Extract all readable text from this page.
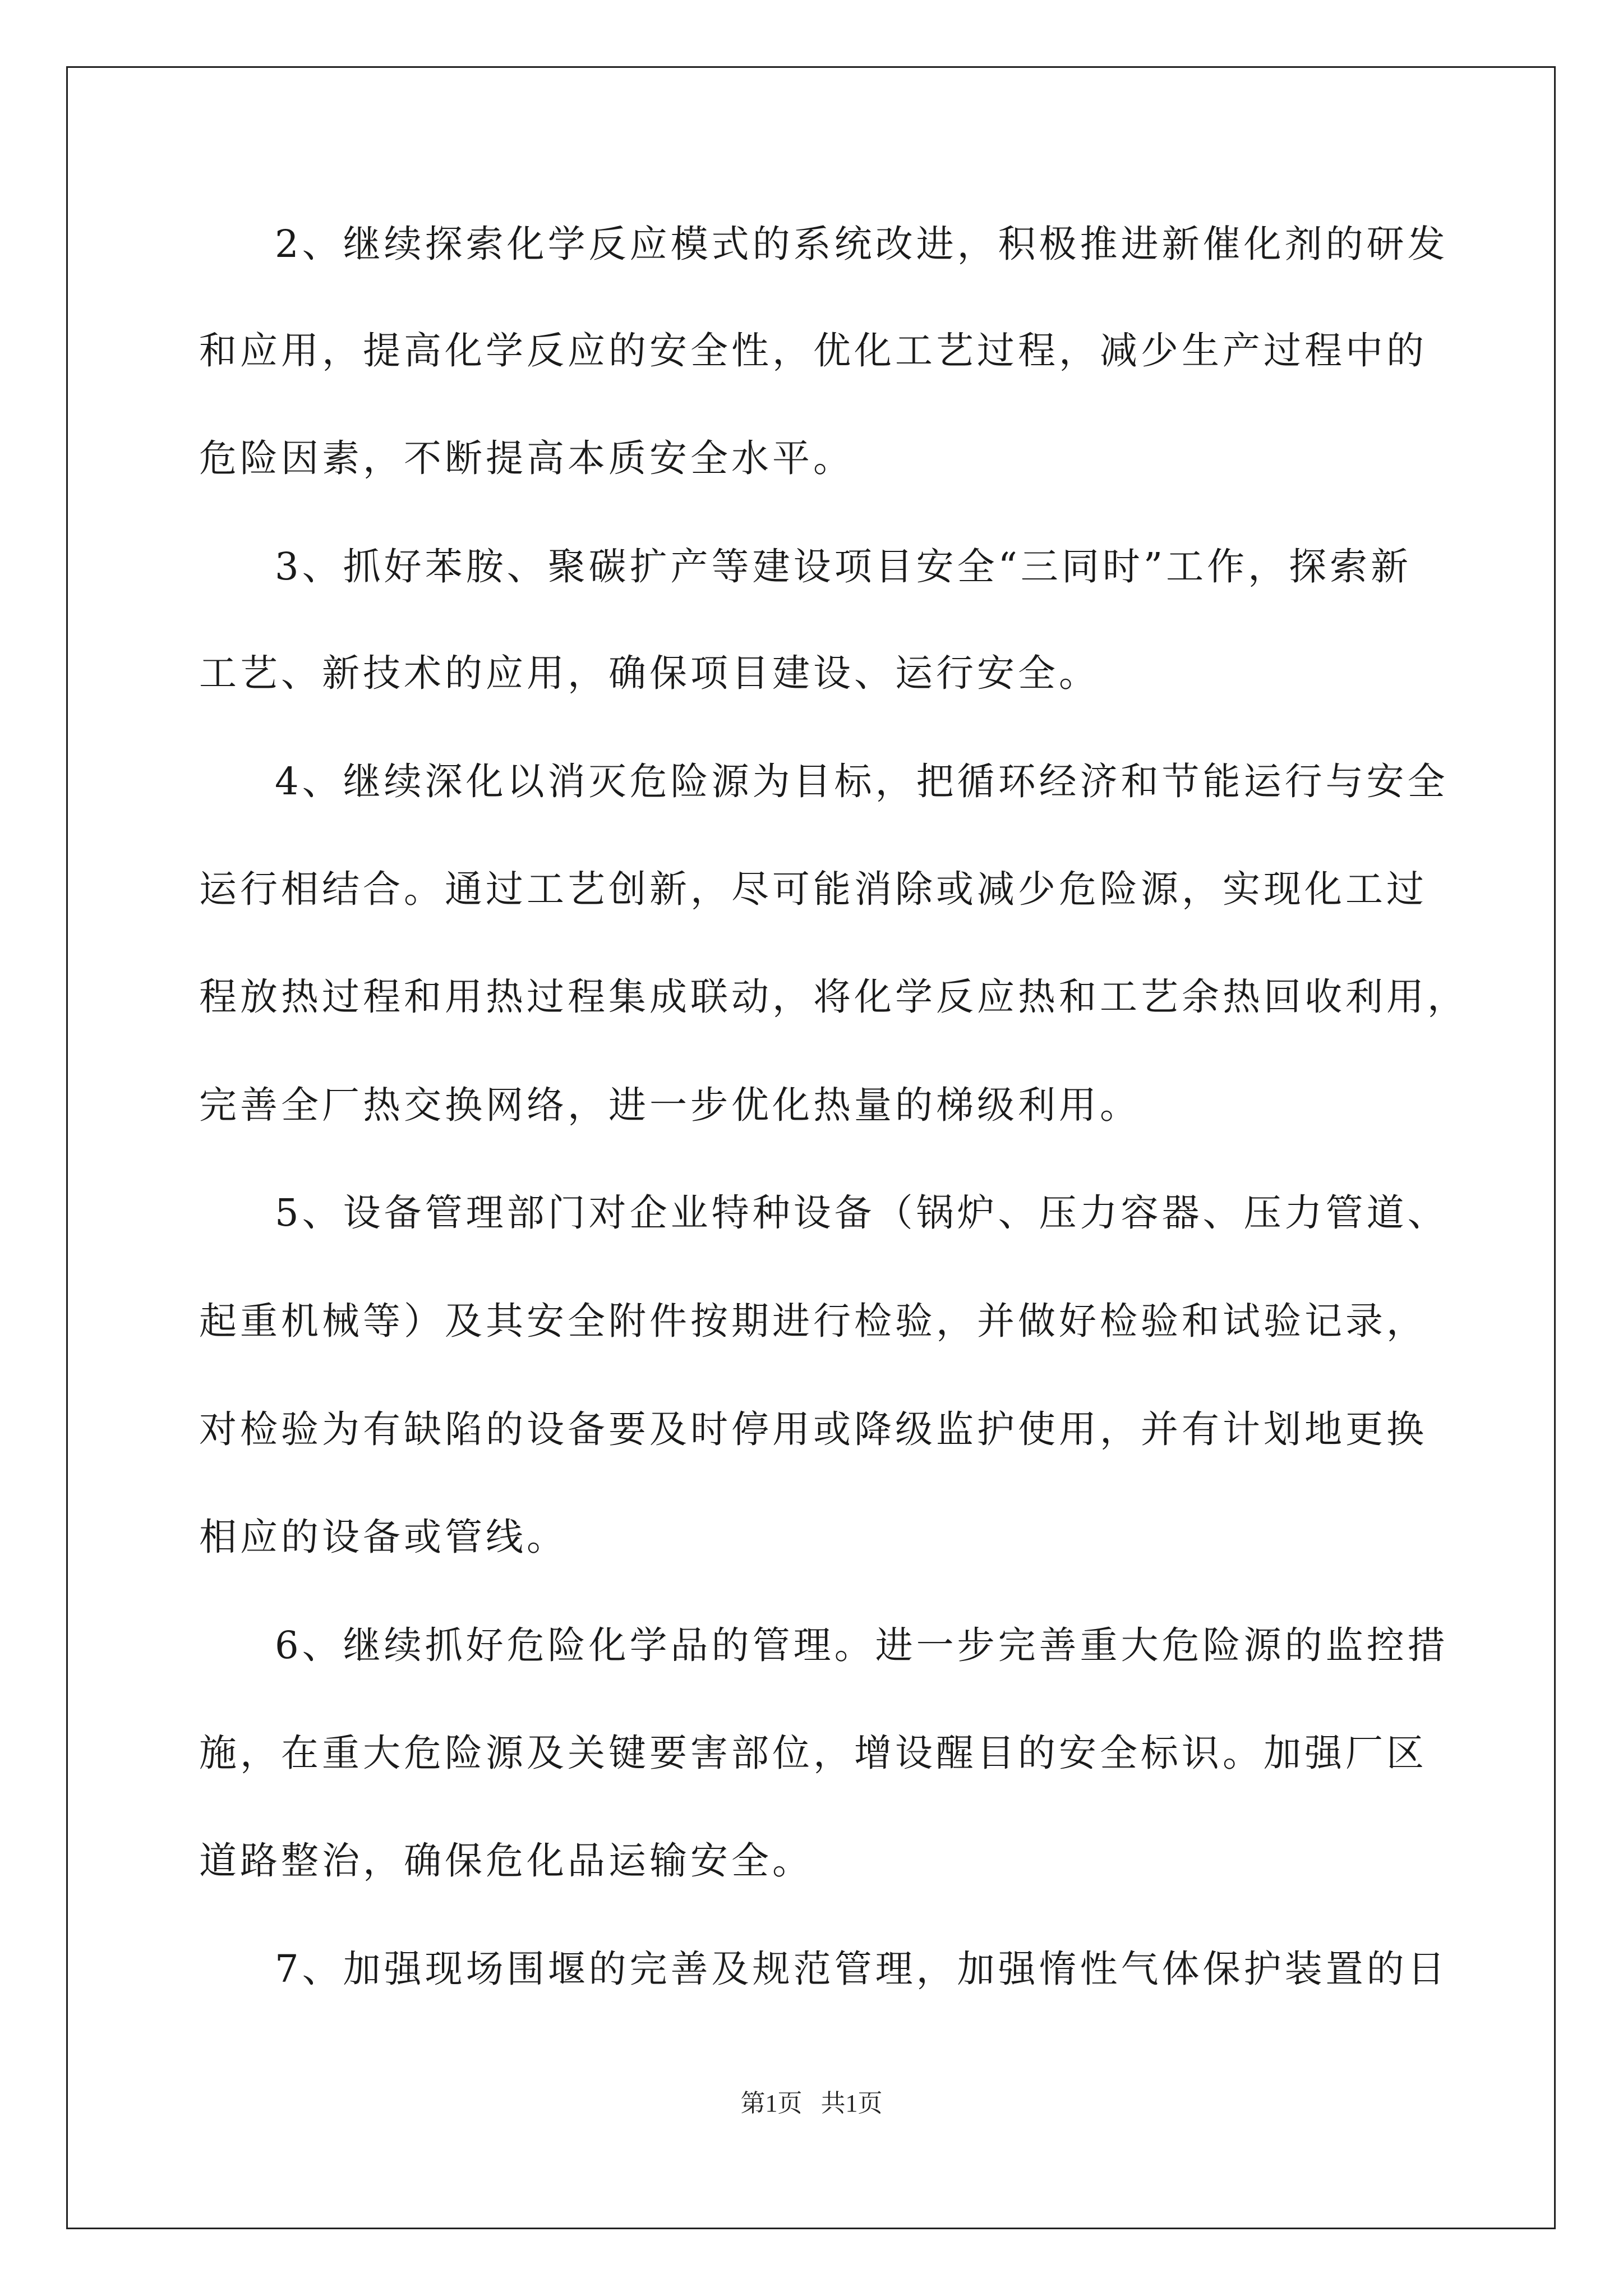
2、继续探索化学反应模式的系统改进，积极推进新催化剂的研发
和应用，提高化学反应的安全性，优化工艺过程，减少生产过程中的
危险因素，不断提高本质安全水平。
3、抓好苯胺、聚碳扩产等建设项目安全“三同时”工作，探索新
工艺、新技术的应用，确保项目建设、运行安全。
4、继续深化以消灭危险源为目标，把循环经济和节能运行与安全
运行相结合。通过工艺创新，尽可能消除或减少危险源，实现化工过
程放热过程和用热过程集成联动，将化学反应热和工艺余热回收利用，
完善全厂热交换网络，进一步优化热量的梯级利用。
5、设备管理部门对企业特种设备（锅炉、压力容器、压力管道、
起重机械等）及其安全附件按期进行检验，并做好检验和试验记录，
对检验为有缺陷的设备要及时停用或降级监护使用，并有计划地更换
相应的设备或管线。
6、继续抓好危险化学品的管理。进一步完善重大危险源的监控措
施，在重大危险源及关键要害部位，增设醒目的安全标识。加强厂区
道路整治，确保危化品运输安全。
7、加强现场围堰的完善及规范管理，加强惰性气体保护装置的日
第1页   共1页
